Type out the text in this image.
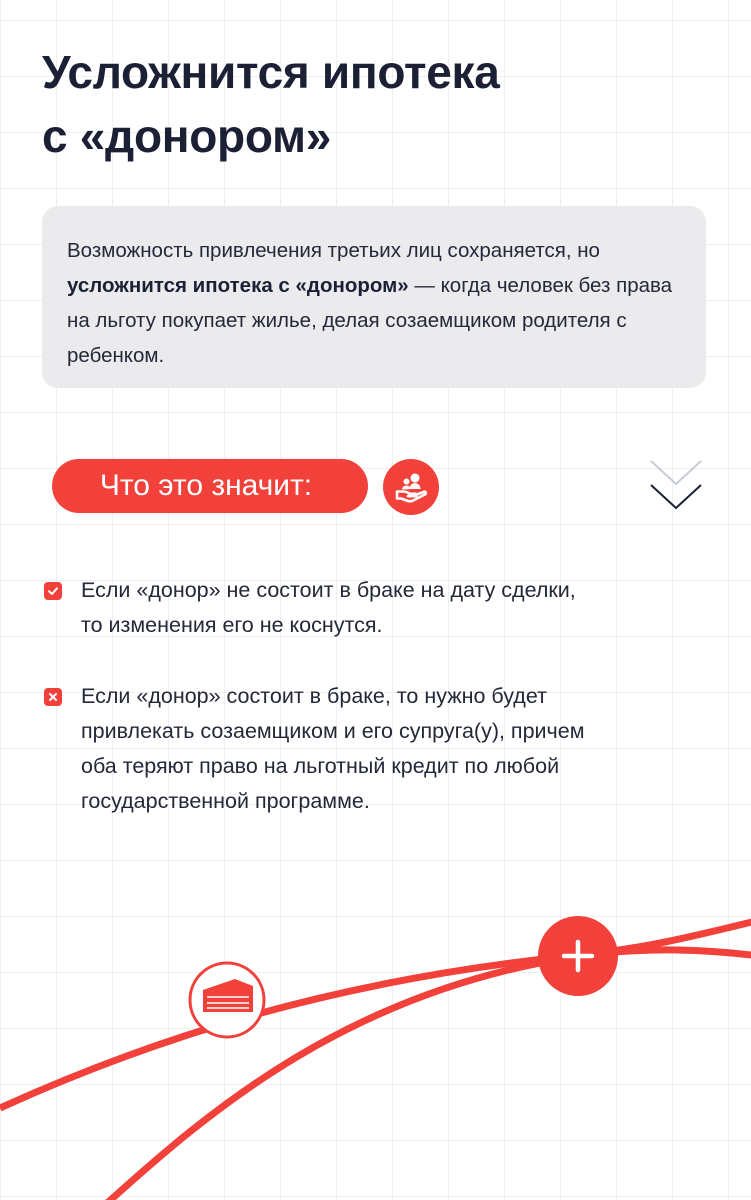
Усложнится ипотека
с «донором»

Возможность привлечения третьих лиц сохраняется, но усложнится ипотека с «донором» — когда человек без права на льготу покупает жилье, делая созаемщиком родителя с ребенком.

Что это значит:
Если «донор» не состоит в браке на дату сделки,
то изменения его не коснутся.
Если «донор» состоит в браке, то нужно будет
привлекать созаемщиком и его супруга(у), причем
оба теряют право на льготный кредит по любой
государственной программе.
